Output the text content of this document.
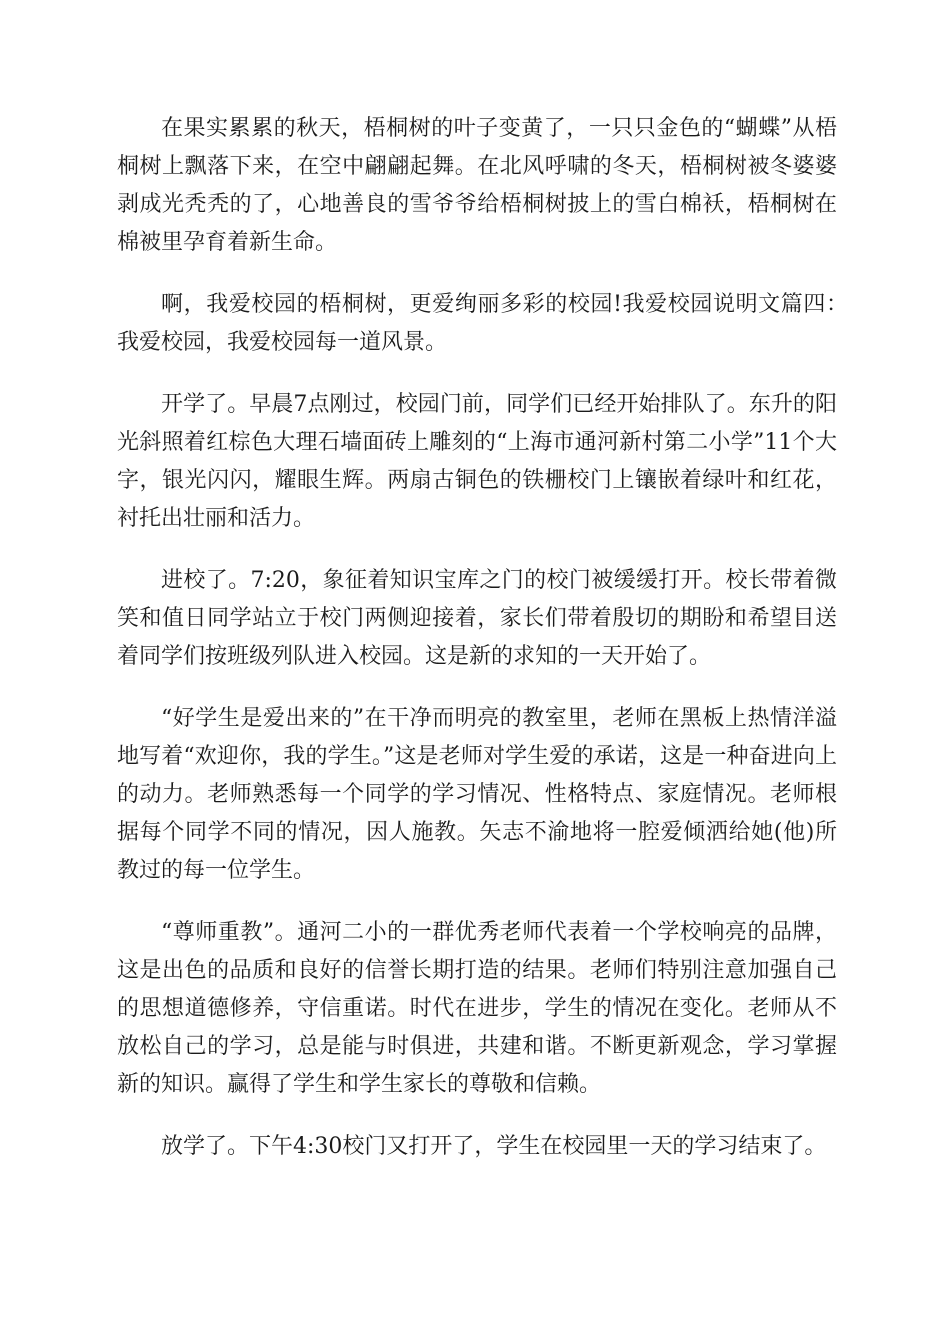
在果实累累的秋天，梧桐树的叶子变黄了，一只只金色的“蝴蝶”从梧桐树上飘落下来，在空中翩翩起舞。在北风呼啸的冬天，梧桐树被冬婆婆剥成光秃秃的了，心地善良的雪爷爷给梧桐树披上的雪白棉袄，梧桐树在棉被里孕育着新生命。

啊，我爱校园的梧桐树，更爱绚丽多彩的校园!我爱校园说明文篇四：　我爱校园，我爱校园每一道风景。

开学了。早晨7点刚过，校园门前，同学们已经开始排队了。东升的阳光斜照着红棕色大理石墙面砖上雕刻的“上海市通河新村第二小学”11个大字，银光闪闪，耀眼生辉。两扇古铜色的铁栅校门上镶嵌着绿叶和红花，衬托出壮丽和活力。

进校了。7:20，象征着知识宝库之门的校门被缓缓打开。校长带着微笑和值日同学站立于校门两侧迎接着，家长们带着殷切的期盼和希望目送着同学们按班级列队进入校园。这是新的求知的一天开始了。

“好学生是爱出来的”在干净而明亮的教室里，老师在黑板上热情洋溢地写着“欢迎你，我的学生。”这是老师对学生爱的承诺，这是一种奋进向上的动力。老师熟悉每一个同学的学习情况、性格特点、家庭情况。老师根据每个同学不同的情况，因人施教。矢志不渝地将一腔爱倾洒给她(他)所教过的每一位学生。

“尊师重教”。通河二小的一群优秀老师代表着一个学校响亮的品牌，这是出色的品质和良好的信誉长期打造的结果。老师们特别注意加强自己的思想道德修养，守信重诺。时代在进步，学生的情况在变化。老师从不放松自己的学习，总是能与时俱进，共建和谐。不断更新观念，学习掌握新的知识。赢得了学生和学生家长的尊敬和信赖。

放学了。下午4:30校门又打开了，学生在校园里一天的学习结束了。
